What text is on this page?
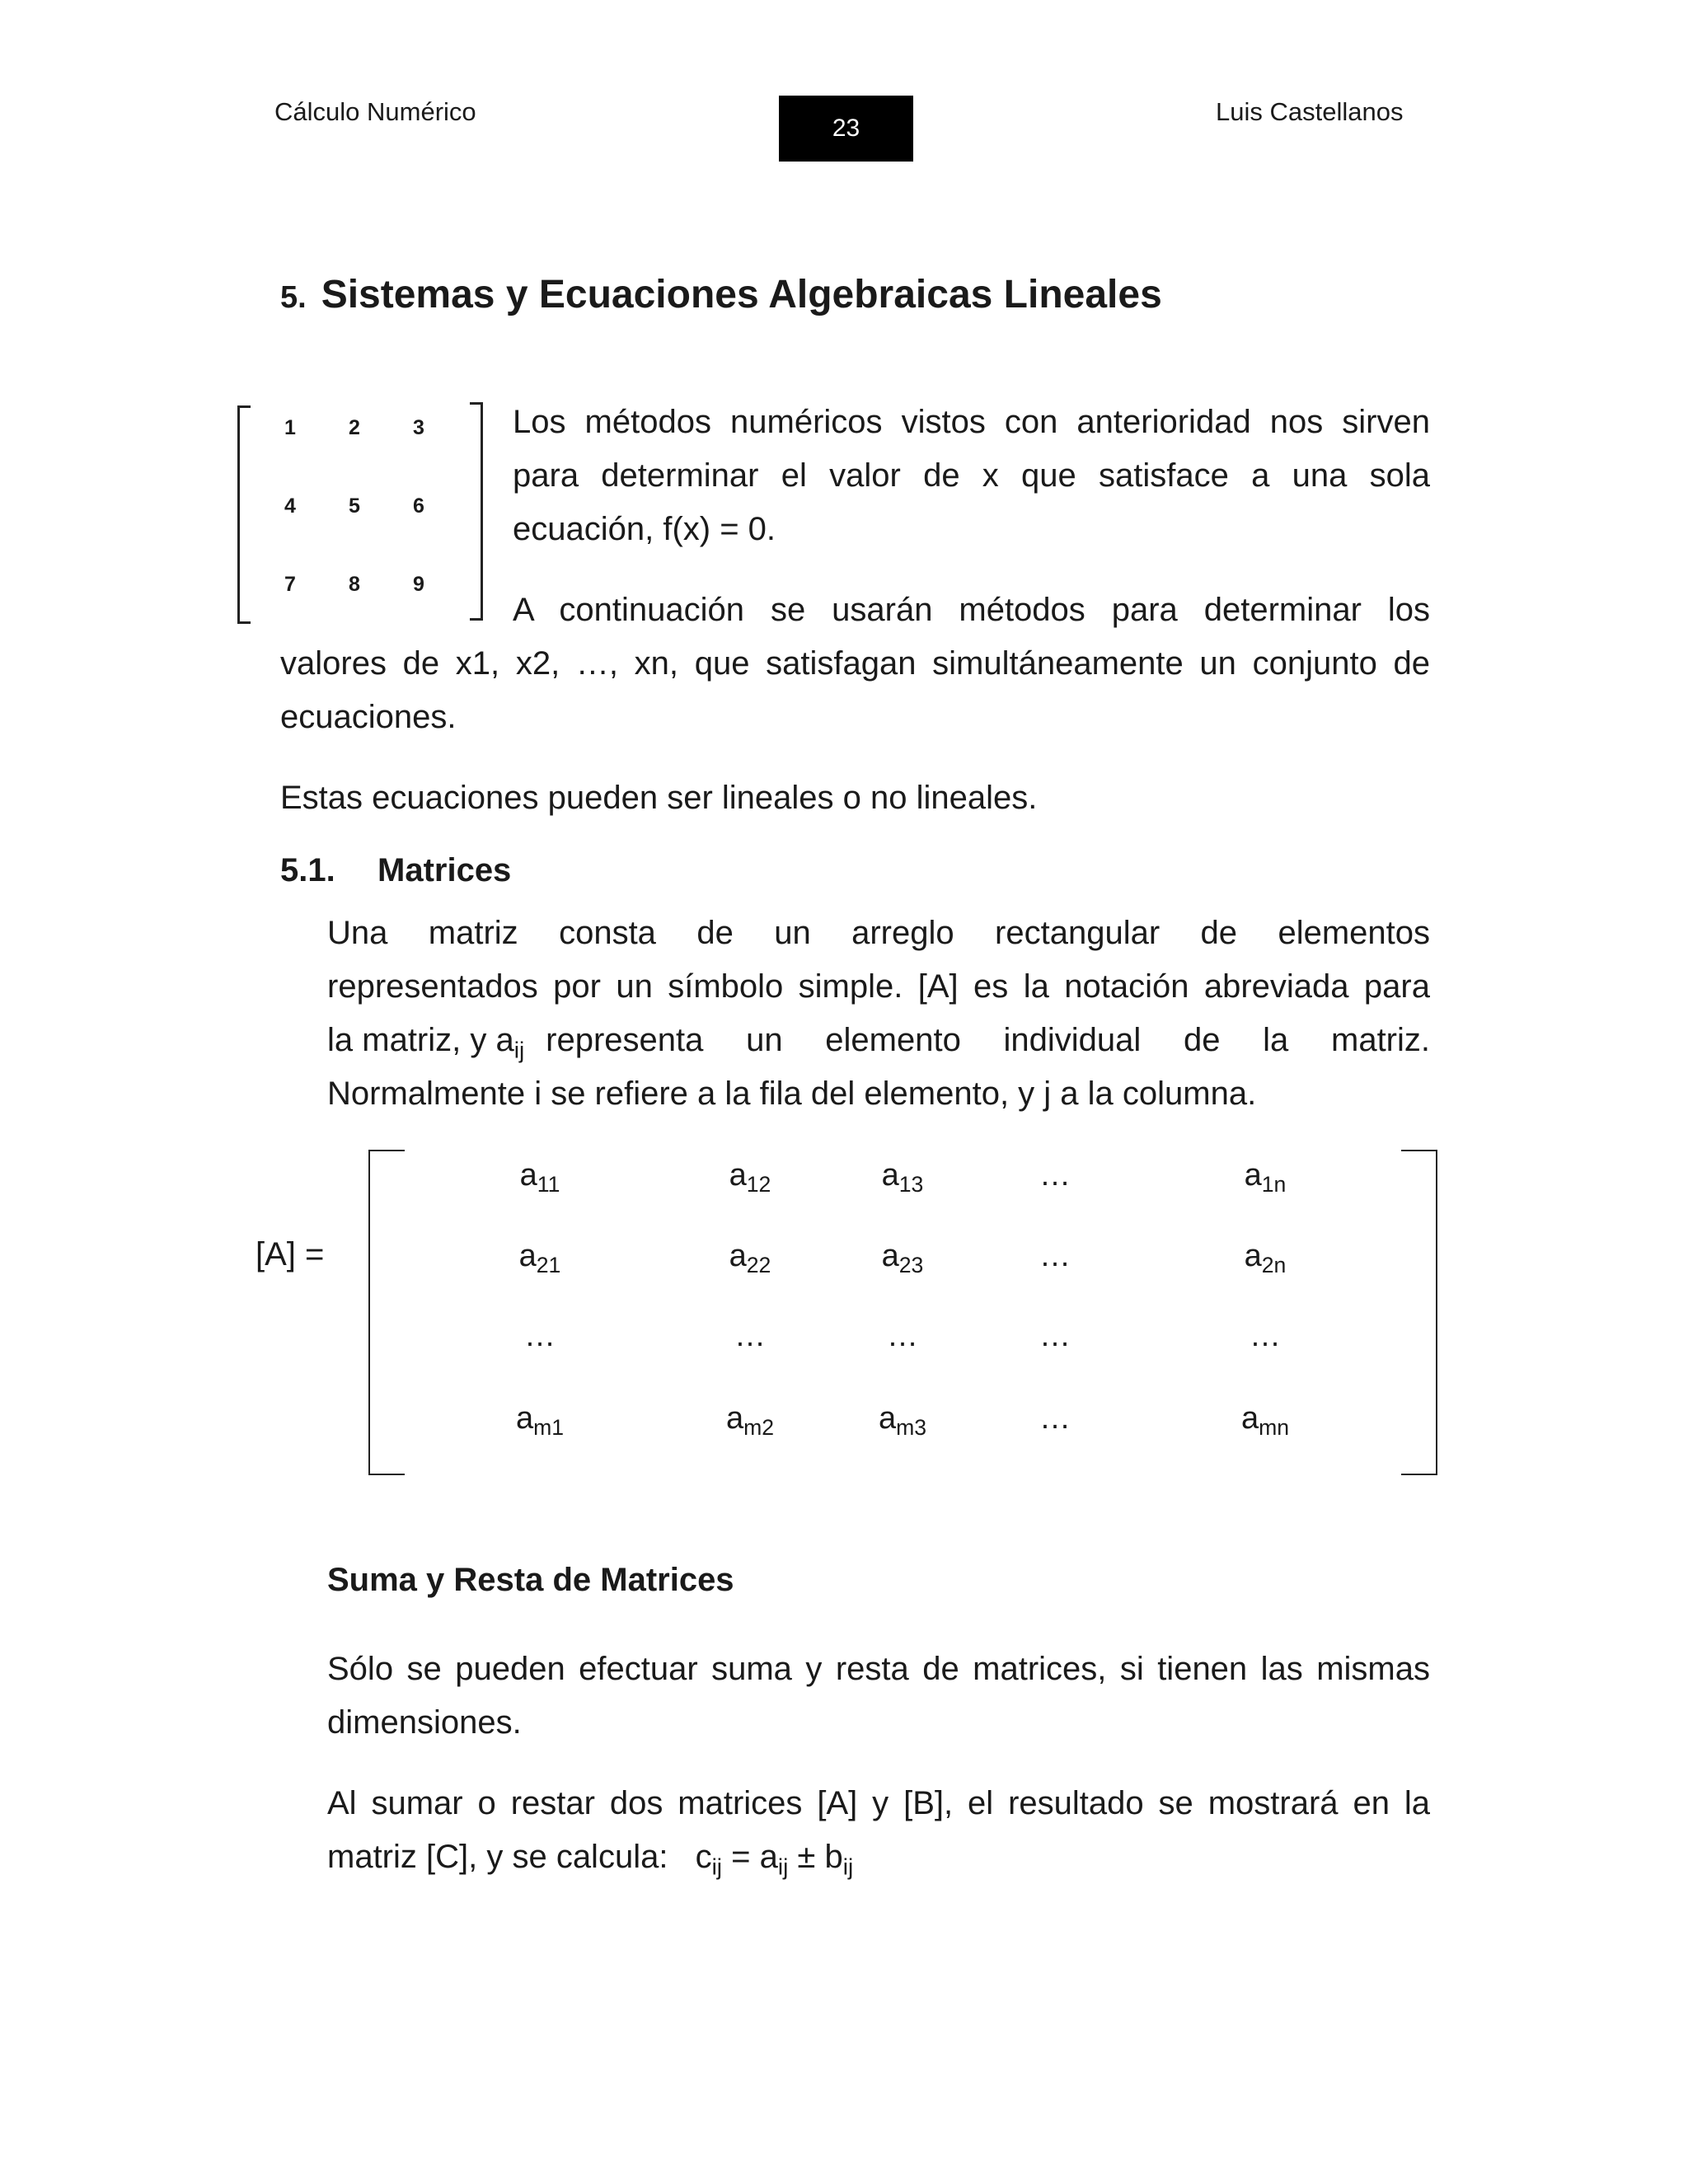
Cálculo Numérico
23
Luis Castellanos
5. Sistemas y Ecuaciones Algebraicas Lineales
1	2	3
4	5	6
7	8	9
Los métodos numéricos vistos con anterioridad nos sirven
para determinar el valor de x que satisface a una sola
ecuación, f(x) = 0.
A continuación se usarán métodos para determinar los
valores de x1, x2, …, xn, que satisfagan simultáneamente un conjunto de
ecuaciones.
Estas ecuaciones pueden ser lineales o no lineales.
5.1. Matrices
Una matriz consta de un arreglo rectangular de elementos
representados por un símbolo simple. [A] es la notación abreviada para
la matriz, y $a_{ij}$ representa un elemento individual de la matriz.
Normalmente i se refiere a la fila del elemento, y j a la columna.
[A] =
$a_{11}$	$a_{12}$	$a_{13}$	…	$a_{1n}$
$a_{21}$	$a_{22}$	$a_{23}$	…	$a_{2n}$
…	…	…	…	…
$a_{m1}$	$a_{m2}$	$a_{m3}$	…	$a_{mn}$
Suma y Resta de Matrices
Sólo se pueden efectuar suma y resta de matrices, si tienen las mismas
dimensiones.
Al sumar o restar dos matrices [A] y [B], el resultado se mostrará en la
matriz [C], y se calcula: $c_{ij} = a_{ij} \pm b_{ij}$
